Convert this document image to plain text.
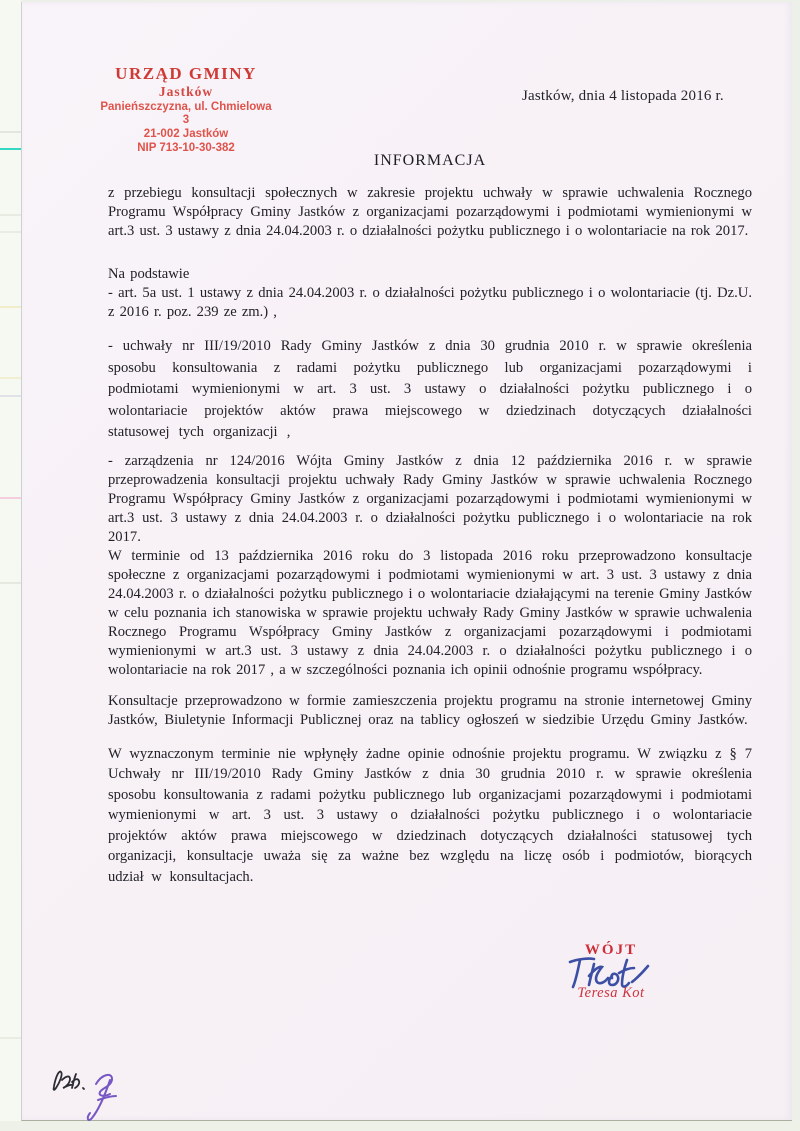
URZĄD GMINY
Jastków
Panieńszczyzna, ul. Chmielowa 3
21-002 Jastków
NIP 713-10-30-382
Jastków, dnia 4 listopada 2016 r.
INFORMACJA

z przebiegu konsultacji społecznych w zakresie projektu uchwały w sprawie uchwalenia Rocznego Programu Współpracy Gminy Jastków z organizacjami pozarządowymi i podmiotami wymienionymi w art.3 ust. 3 ustawy z dnia 24.04.2003 r. o działalności pożytku publicznego i o wolontariacie na rok 2017.

Na podstawie

- art. 5a ust. 1 ustawy z dnia 24.04.2003 r. o działalności pożytku publicznego i o wolontariacie (tj. Dz.U. z 2016 r. poz. 239 ze zm.) ,

- uchwały nr III/19/2010 Rady Gminy Jastków z dnia 30 grudnia 2010 r. w sprawie określenia sposobu konsultowania z radami pożytku publicznego lub organizacjami pozarządowymi i podmiotami wymienionymi w art. 3 ust. 3 ustawy o działalności pożytku publicznego i o wolontariacie projektów aktów prawa miejscowego w dziedzinach dotyczących działalności statusowej tych organizacji ,

- zarządzenia nr 124/2016 Wójta Gminy Jastków z dnia 12 października 2016 r. w sprawie przeprowadzenia konsultacji projektu uchwały Rady Gminy Jastków w sprawie uchwalenia Rocznego Programu Współpracy Gminy Jastków z organizacjami pozarządowymi i podmiotami wymienionymi w art.3 ust. 3 ustawy z dnia 24.04.2003 r. o działalności pożytku publicznego i o wolontariacie na rok 2017.

W terminie od 13 października 2016 roku do 3 listopada 2016 roku przeprowadzono konsultacje społeczne z organizacjami pozarządowymi i podmiotami wymienionymi w art. 3 ust. 3 ustawy z dnia 24.04.2003 r. o działalności pożytku publicznego i o wolontariacie działającymi na terenie Gminy Jastków w celu poznania ich stanowiska w sprawie projektu uchwały Rady Gminy Jastków w sprawie uchwalenia Rocznego Programu Współpracy Gminy Jastków z organizacjami pozarządowymi i podmiotami wymienionymi w art.3 ust. 3 ustawy z dnia 24.04.2003 r. o działalności pożytku publicznego i o wolontariacie na rok 2017 , a w szczególności poznania ich opinii odnośnie programu współpracy.

Konsultacje przeprowadzono w formie zamieszczenia projektu programu na stronie internetowej Gminy Jastków, Biuletynie Informacji Publicznej oraz na tablicy ogłoszeń w siedzibie Urzędu Gminy Jastków.

W wyznaczonym terminie nie wpłynęły żadne opinie odnośnie projektu programu. W związku z § 7 Uchwały nr III/19/2010 Rady Gminy Jastków z dnia 30 grudnia 2010 r. w sprawie określenia sposobu konsultowania z radami pożytku publicznego lub organizacjami pozarządowymi i podmiotami wymienionymi w art. 3 ust. 3 ustawy o działalności pożytku publicznego i o wolontariacie projektów aktów prawa miejscowego w dziedzinach dotyczących działalności statusowej tych organizacji, konsultacje uważa się za ważne bez względu na liczę osób i podmiotów, biorących udział w konsultacjach.

WÓJT
Teresa Kot
